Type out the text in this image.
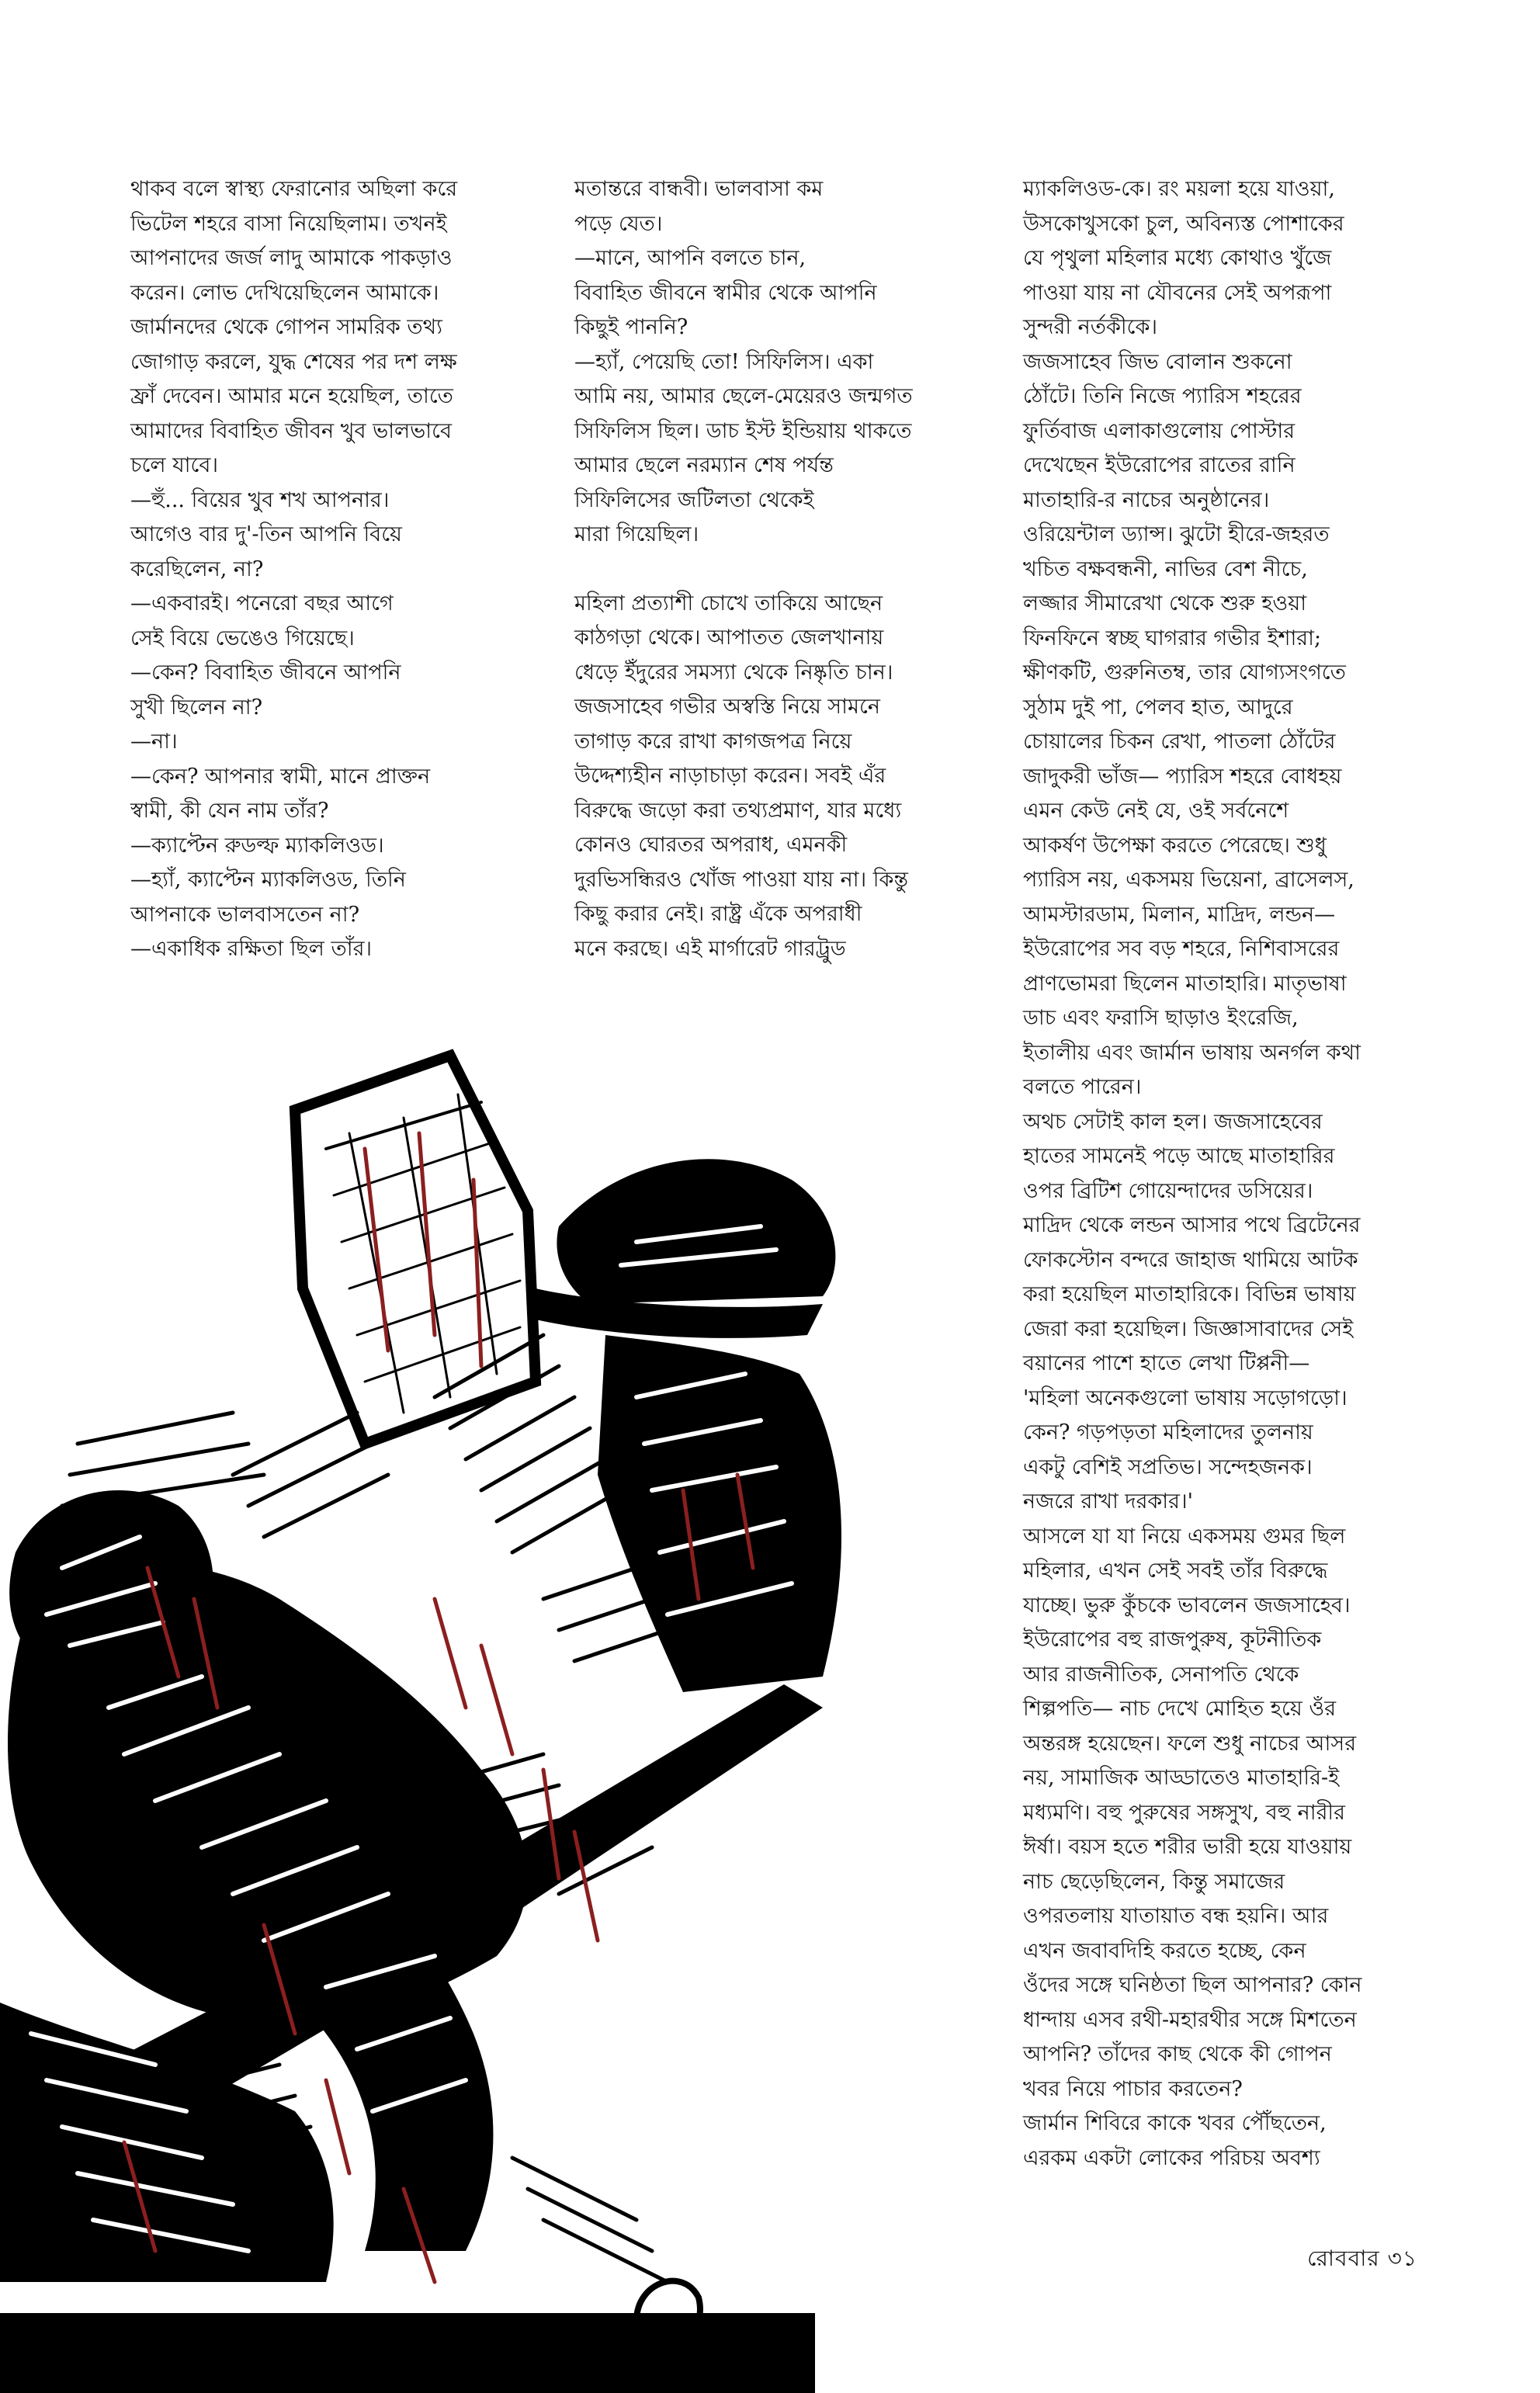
থাকব বলে স্বাস্থ্য ফেরানোর অছিলা করে
ভিটেল শহরে বাসা নিয়েছিলাম। তখনই
আপনাদের জর্জ লাদু আমাকে পাকড়াও
করেন। লোভ দেখিয়েছিলেন আমাকে।
জার্মানদের থেকে গোপন সামরিক তথ্য
জোগাড় করলে, যুদ্ধ শেষের পর দশ লক্ষ
ফ্রাঁ দেবেন। আমার মনে হয়েছিল, তাতে
আমাদের বিবাহিত জীবন খুব ভালভাবে
চলে যাবে।
—হুঁ... বিয়ের খুব শখ আপনার।
আগেও বার দু'-তিন আপনি বিয়ে
করেছিলেন, না?
—একবারই। পনেরো বছর আগে
সেই বিয়ে ভেঙেও গিয়েছে।
—কেন? বিবাহিত জীবনে আপনি
সুখী ছিলেন না?
—না।
—কেন? আপনার স্বামী, মানে প্রাক্তন
স্বামী, কী যেন নাম তাঁর?
—ক্যাপ্টেন রুডল্ফ ম্যাকলিওড।
—হ্যাঁ, ক্যাপ্টেন ম্যাকলিওড, তিনি
আপনাকে ভালবাসতেন না?
—একাধিক রক্ষিতা ছিল তাঁর।

মতান্তরে বান্ধবী। ভালবাসা কম
পড়ে যেত।
—মানে, আপনি বলতে চান,
বিবাহিত জীবনে স্বামীর থেকে আপনি
কিছুই পাননি?
—হ্যাঁ, পেয়েছি তো! সিফিলিস। একা
আমি নয়, আমার ছেলে-মেয়েরও জন্মগত
সিফিলিস ছিল। ডাচ ইস্ট ইন্ডিয়ায় থাকতে
আমার ছেলে নরম্যান শেষ পর্যন্ত
সিফিলিসের জটিলতা থেকেই
মারা গিয়েছিল।

মহিলা প্রত্যাশী চোখে তাকিয়ে আছেন
কাঠগড়া থেকে। আপাতত জেলখানায়
ধেড়ে ইঁদুরের সমস্যা থেকে নিষ্কৃতি চান।
জজসাহেব গভীর অস্বস্তি নিয়ে সামনে
তাগাড় করে রাখা কাগজপত্র নিয়ে
উদ্দেশ্যহীন নাড়াচাড়া করেন। সবই এঁর
বিরুদ্ধে জড়ো করা তথ্যপ্রমাণ, যার মধ্যে
কোনও ঘোরতর অপরাধ, এমনকী
দুরভিসন্ধিরও খোঁজ পাওয়া যায় না। কিন্তু
কিছু করার নেই। রাষ্ট্র এঁকে অপরাধী
মনে করছে। এই মার্গারেট গারট্রুড

ম্যাকলিওড-কে। রং ময়লা হয়ে যাওয়া,
উসকোখুসকো চুল, অবিন্যস্ত পোশাকের
যে পৃথুলা মহিলার মধ্যে কোথাও খুঁজে
পাওয়া যায় না যৌবনের সেই অপরূপা
সুন্দরী নর্তকীকে।
জজসাহেব জিভ বোলান শুকনো
ঠোঁটে। তিনি নিজে প্যারিস শহরের
ফুর্তিবাজ এলাকাগুলোয় পোস্টার
দেখেছেন ইউরোপের রাতের রানি
মাতাহারি-র নাচের অনুষ্ঠানের।
ওরিয়েন্টাল ড্যান্স। ঝুটো হীরে-জহরত
খচিত বক্ষবন্ধনী, নাভির বেশ নীচে,
লজ্জার সীমারেখা থেকে শুরু হওয়া
ফিনফিনে স্বচ্ছ ঘাগরার গভীর ইশারা;
ক্ষীণকটি, গুরুনিতম্ব, তার যোগ্যসংগতে
সুঠাম দুই পা, পেলব হাত, আদুরে
চোয়ালের চিকন রেখা, পাতলা ঠোঁটের
জাদুকরী ভাঁজ— প্যারিস শহরে বোধহয়
এমন কেউ নেই যে, ওই সর্বনেশে
আকর্ষণ উপেক্ষা করতে পেরেছে। শুধু
প্যারিস নয়, একসময় ভিয়েনা, ব্রাসেলস,
আমস্টারডাম, মিলান, মাদ্রিদ, লন্ডন—
ইউরোপের সব বড় শহরে, নিশিবাসরের
প্রাণভোমরা ছিলেন মাতাহারি। মাতৃভাষা
ডাচ এবং ফরাসি ছাড়াও ইংরেজি,
ইতালীয় এবং জার্মান ভাষায় অনর্গল কথা
বলতে পারেন।
অথচ সেটাই কাল হল। জজসাহেবের
হাতের সামনেই পড়ে আছে মাতাহারির
ওপর ব্রিটিশ গোয়েন্দাদের ডসিয়ের।
মাদ্রিদ থেকে লন্ডন আসার পথে ব্রিটেনের
ফোকস্টোন বন্দরে জাহাজ থামিয়ে আটক
করা হয়েছিল মাতাহারিকে। বিভিন্ন ভাষায়
জেরা করা হয়েছিল। জিজ্ঞাসাবাদের সেই
বয়ানের পাশে হাতে লেখা টিপ্পনী—
'মহিলা অনেকগুলো ভাষায় সড়োগড়ো।
কেন? গড়পড়তা মহিলাদের তুলনায়
একটু বেশিই সপ্রতিভ। সন্দেহজনক।
নজরে রাখা দরকার।'
আসলে যা যা নিয়ে একসময় গুমর ছিল
মহিলার, এখন সেই সবই তাঁর বিরুদ্ধে
যাচ্ছে। ভুরু কুঁচকে ভাবলেন জজসাহেব।
ইউরোপের বহু রাজপুরুষ, কূটনীতিক
আর রাজনীতিক, সেনাপতি থেকে
শিল্পপতি— নাচ দেখে মোহিত হয়ে ওঁর
অন্তরঙ্গ হয়েছেন। ফলে শুধু নাচের আসর
নয়, সামাজিক আড্ডাতেও মাতাহারি-ই
মধ্যমণি। বহু পুরুষের সঙ্গসুখ, বহু নারীর
ঈর্ষা। বয়স হতে শরীর ভারী হয়ে যাওয়ায়
নাচ ছেড়েছিলেন, কিন্তু সমাজের
ওপরতলায় যাতায়াত বন্ধ হয়নি। আর
এখন জবাবদিহি করতে হচ্ছে, কেন
ওঁদের সঙ্গে ঘনিষ্ঠতা ছিল আপনার? কোন
ধান্দায় এসব রথী-মহারথীর সঙ্গে মিশতেন
আপনি? তাঁদের কাছ থেকে কী গোপন
খবর নিয়ে পাচার করতেন?
জার্মান শিবিরে কাকে খবর পৌঁছতেন,
এরকম একটা লোকের পরিচয় অবশ্য

রোববার ৩১
